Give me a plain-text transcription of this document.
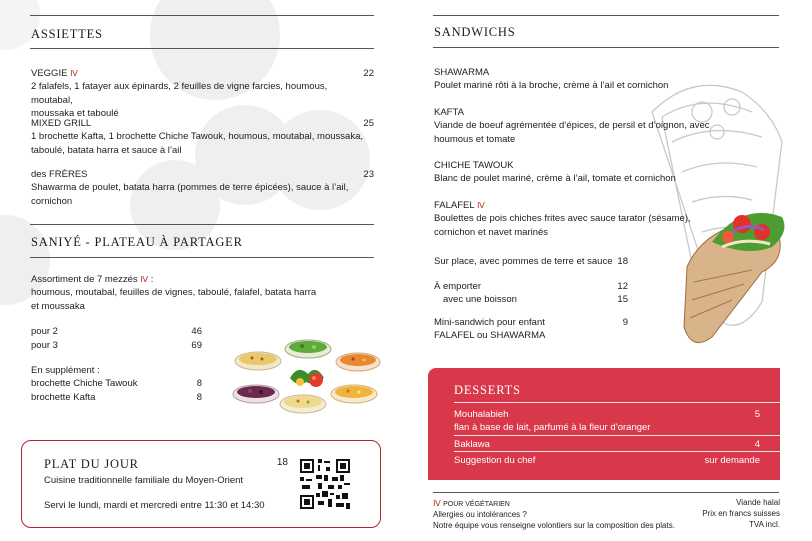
ASSIETTES
VEGGIE Ⅳ
2 falafels, 1 fatayer aux épinards, 2 feuilles de vigne farcies, houmous, moutabal,
moussaka et taboulé
22
MIXED GRILL
1 brochette Kafta, 1 brochette Chiche Tawouk, houmous, moutabal, moussaka,
taboulé, batata harra et sauce à l’ail
25
des FRÈRES
Shawarma de poulet, batata harra (pommes de terre épicées), sauce à l’ail, cornichon
23
SANIYÉ - PLATEAU À PARTAGER
Assortiment de 7 mezzés Ⅳ :
houmous, moutabal, feuilles de vignes, taboulé, falafel, batata harra
et moussaka
pour 2	46
pour 3	69
En supplément :
brochette Chiche Tawouk	8
brochette Kafta	8
PLAT DU JOUR	18
Cuisine traditionnelle familiale du Moyen-Orient
Servi le lundi, mardi et mercredi entre 11:30 et 14:30
SANDWICHS
SHAWARMA
Poulet mariné rôti à la broche, crème à l’ail et cornichon
KAFTA
Viande de boeuf agrémentée d’épices, de persil et d’oignon, avec
houmous et tomate
CHICHE TAWOUK
Blanc de poulet mariné, crème à l’ail, tomate et cornichon
FALAFEL Ⅳ
Boulettes de pois chiches frites avec sauce tarator (sésame),
cornichon et navet marinés
Sur place, avec pommes de terre et sauce 18
À emporter	12
avec une boisson	15
Mini-sandwich pour enfant	9
FALAFEL ou SHAWARMA
DESSERTS
Mouhalabieh	5
flan à base de lait, parfumé à la fleur d’oranger
Baklawa	4
Suggestion du chef	sur demande
Ⅳ POUR VÉGÉTARIEN
Allergies ou intolérances ?
Notre équipe vous renseigne volontiers sur la composition des plats.
Viande halal
Prix en francs suisses
TVA incl.
